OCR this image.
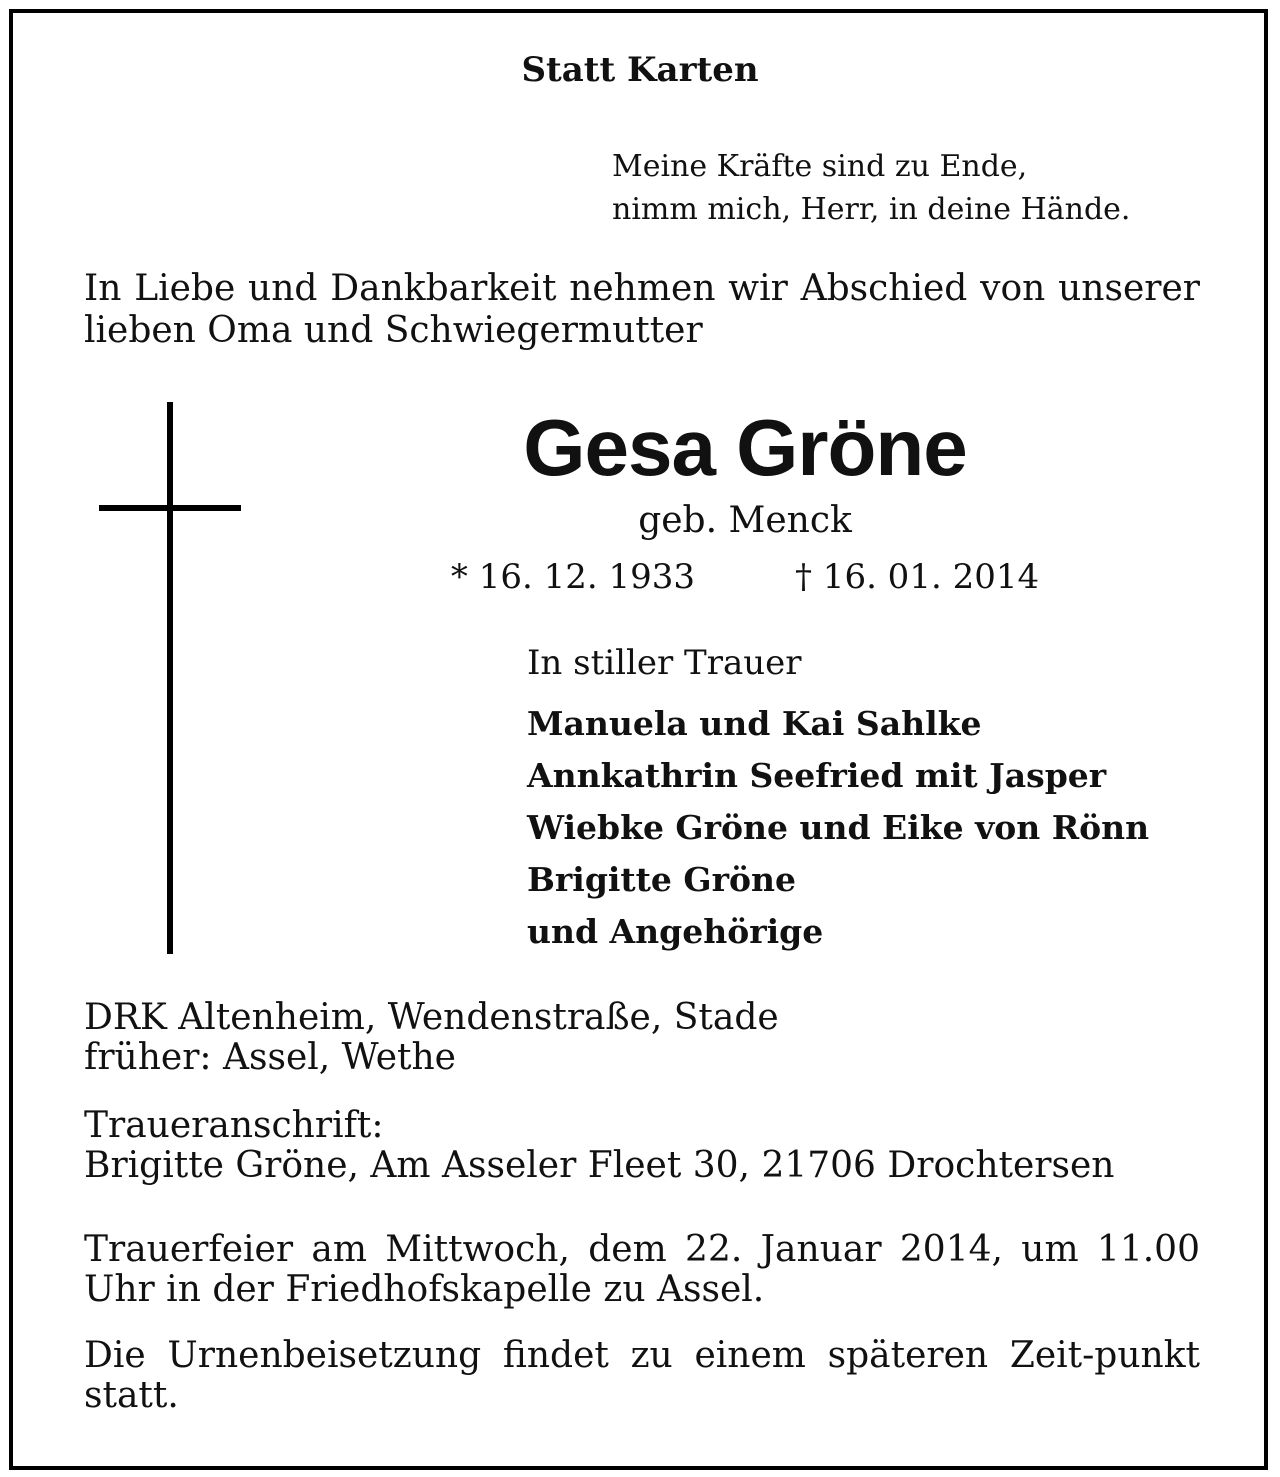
Statt Karten

Meine Kräfte sind zu Ende,
nimm mich, Herr, in deine Hände.

In Liebe und Dankbarkeit nehmen wir Abschied von unserer lieben Oma und Schwiegermutter

Gesa Gröne

geb. Menck

* 16. 12. 1933	† 16. 01. 2014

In stiller Trauer

Manuela und Kai Sahlke
Annkathrin Seefried mit Jasper
Wiebke Gröne und Eike von Rönn
Brigitte Gröne
und Angehörige

DRK Altenheim, Wendenstraße, Stade
früher: Assel, Wethe

Traueranschrift:
Brigitte Gröne, Am Asseler Fleet 30, 21706 Drochtersen

Trauerfeier am Mittwoch, dem 22. Januar 2014, um 11.00 Uhr in der Friedhofskapelle zu Assel.

Die Urnenbeisetzung findet zu einem späteren Zeit-punkt statt.
